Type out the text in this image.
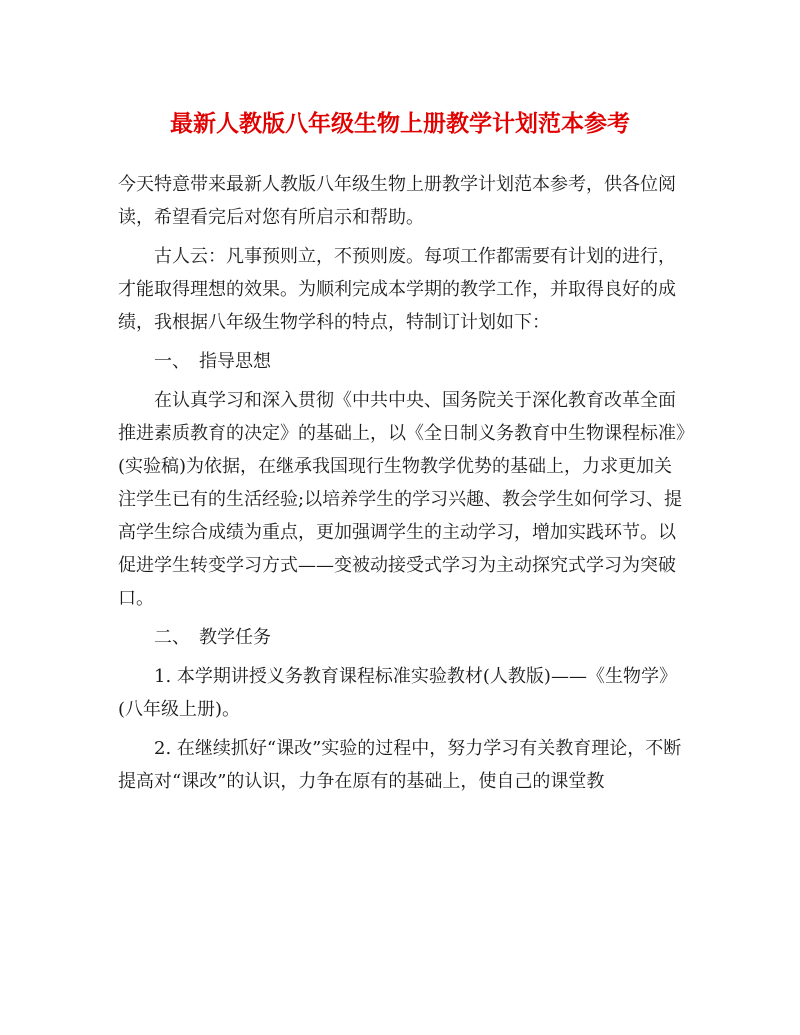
最新人教版八年级生物上册教学计划范本参考

今天特意带来最新人教版八年级生物上册教学计划范本参考，供各位阅读，希望看完后对您有所启示和帮助。

古人云：凡事预则立，不预则废。每项工作都需要有计划的进行，才能取得理想的效果。为顺利完成本学期的教学工作，并取得良好的成绩，我根据八年级生物学科的特点，特制订计划如下：

一、　指导思想

在认真学习和深入贯彻《中共中央、国务院关于深化教育改革全面推进素质教育的决定》的基础上，以《全日制义务教育中生物课程标准》(实验稿)为依据，在继承我国现行生物教学优势的基础上，力求更加关注学生已有的生活经验;以培养学生的学习兴趣、教会学生如何学习、提高学生综合成绩为重点，更加强调学生的主动学习，增加实践环节。以促进学生转变学习方式——变被动接受式学习为主动探究式学习为突破口。

二、　教学任务

1. 本学期讲授义务教育课程标准实验教材(人教版)——《生物学》(八年级上册)。

2. 在继续抓好“课改”实验的过程中，努力学习有关教育理论，不断提高对“课改”的认识，力争在原有的基础上，使自己的课堂教
